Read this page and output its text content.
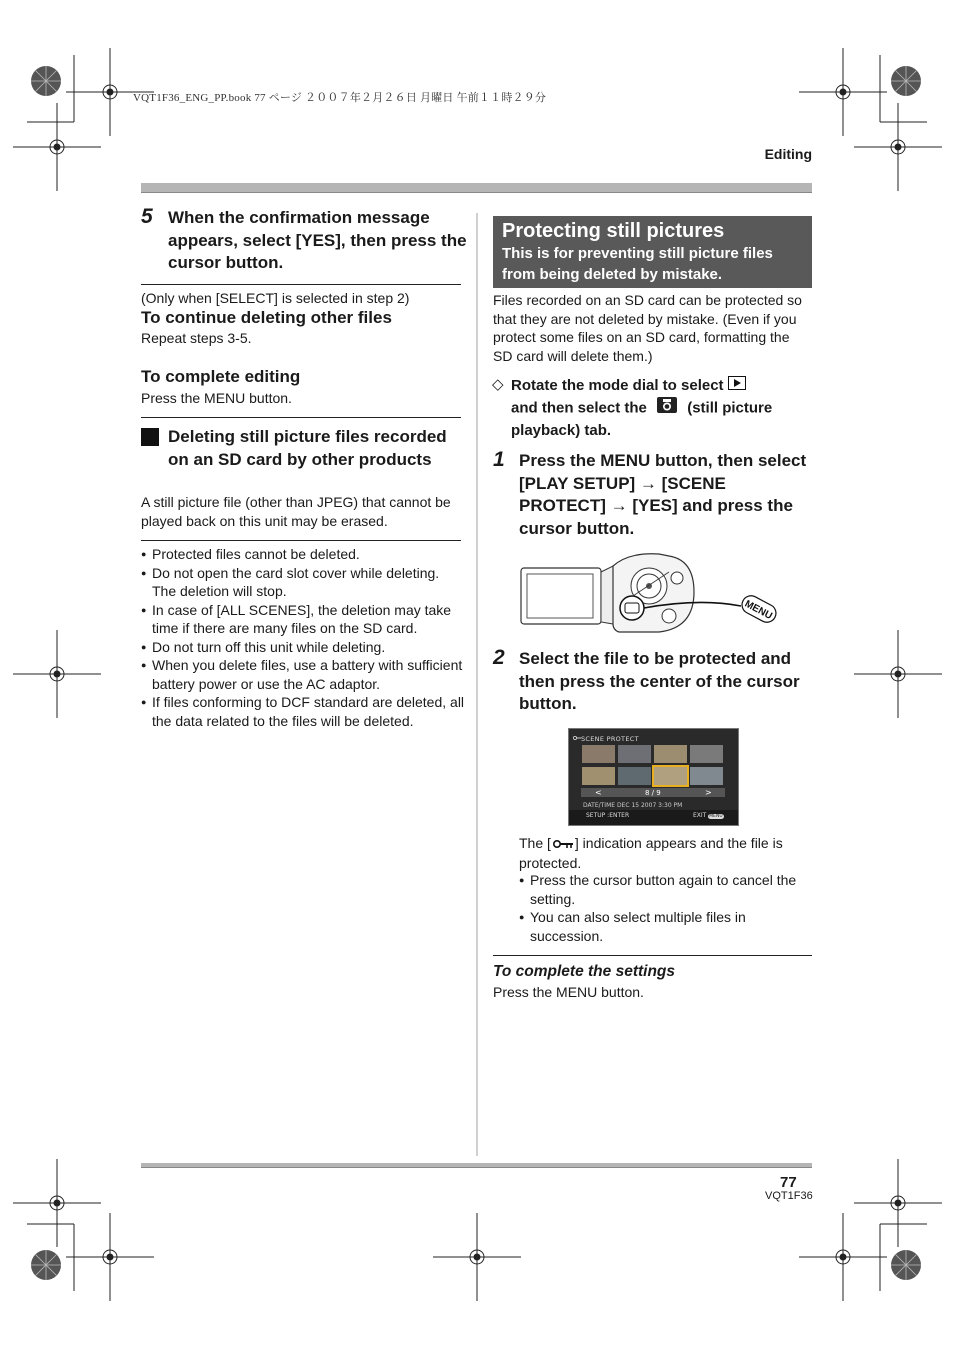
VQT1F36_ENG_PP.book 77 ページ ２００７年２月２６日 月曜日 午前１１時２９分
Editing
5 When the confirmation message appears, select [YES], then press the cursor button.
(Only when [SELECT] is selected in step 2)
To continue deleting other files
Repeat steps 3-5.
To complete editing
Press the MENU button.
Deleting still picture files recorded on an SD card by other products
A still picture file (other than JPEG) that cannot be played back on this unit may be erased.
● Protected files cannot be deleted.
● Do not open the card slot cover while deleting. The deletion will stop.
● In case of [ALL SCENES], the deletion may take time if there are many files on the SD card.
● Do not turn off this unit while deleting.
● When you delete files, use a battery with sufficient battery power or use the AC adaptor.
● If files conforming to DCF standard are deleted, all the data related to the files will be deleted.
Protecting still pictures
This is for preventing still picture files from being deleted by mistake.
Files recorded on an SD card can be protected so that they are not deleted by mistake. (Even if you protect some files on an SD card, formatting the SD card will delete them.)
◇ Rotate the mode dial to select
and then select the	(still picture playback) tab.
1 Press the MENU button, then select [PLAY SETUP] → [SCENE PROTECT] → [YES] and press the cursor button.
MENU
2 Select the file to be protected and then press the center of the cursor button.
SCENE PROTECT
<	>
8 / 9
DATE/TIME DEC 15 2007 3:30 PM
SETUP :ENTER	EXIT MENU
The [ ] indication appears and the file is protected.
● Press the cursor button again to cancel the setting.
● You can also select multiple files in succession.
To complete the settings
Press the MENU button.
77
VQT1F36
